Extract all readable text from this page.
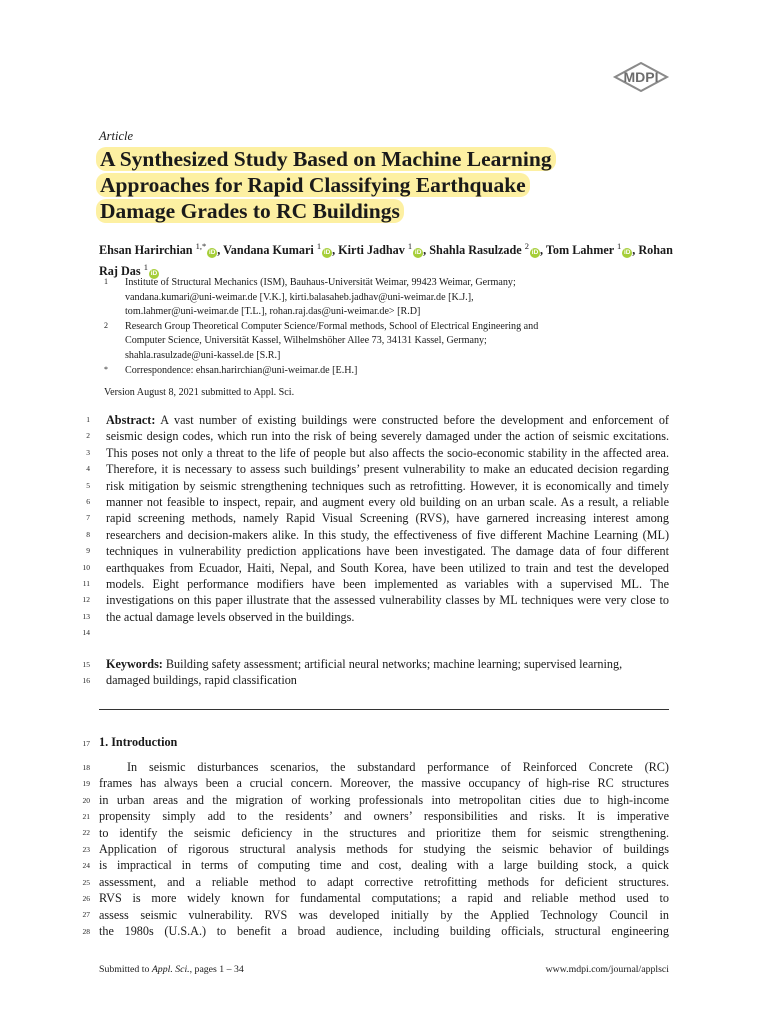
MDPI
Article
A Synthesized Study Based on Machine Learning
Approaches for Rapid Classifying Earthquake
Damage Grades to RC Buildings
Ehsan Harirchian $^{1,*}$iD , Vandana Kumari $^1$iD , Kirti Jadhav $^1$iD , Shahla Rasulzade $^2$iD , Tom Lahmer $^1$iD , Rohan Raj Das $^1$iD
1	Institute of Structural Mechanics (ISM), Bauhaus-Universität Weimar, 99423 Weimar, Germany;
vandana.kumari@uni-weimar.de [V.K.], kirti.balasaheb.jadhav@uni-weimar.de [K.J.],
tom.lahmer@uni-weimar.de [T.L.], rohan.raj.das@uni-weimar.de> [R.D]
2	Research Group Theoretical Computer Science/Formal methods, School of Electrical Engineering and
Computer Science, Universität Kassel, Wilhelmshöher Allee 73, 34131 Kassel, Germany;
shahla.rasulzade@uni-kassel.de [S.R.]
*	Correspondence: ehsan.harirchian@uni-weimar.de [E.H.]
Version August 8, 2021 submitted to Appl. Sci.
1
2
3
4
5
6
7
8
9
10
11
12
13
14
15
16
17
18
19
20
21
22
23
24
25
26
27
28
Abstract: A vast number of existing buildings were constructed before the development and enforcement of seismic design codes, which run into the risk of being severely damaged under the action of seismic excitations. This poses not only a threat to the life of people but also affects the socio-economic stability in the affected area. Therefore, it is necessary to assess such buildings’ present vulnerability to make an educated decision regarding risk mitigation by seismic strengthening techniques such as retrofitting. However, it is economically and timely manner not feasible to inspect, repair, and augment every old building on an urban scale. As a result, a reliable rapid screening methods, namely Rapid Visual Screening (RVS), have garnered increasing interest among researchers and decision-makers alike. In this study, the effectiveness of five different Machine Learning (ML) techniques in vulnerability prediction applications have been investigated. The damage data of four different earthquakes from Ecuador, Haiti, Nepal, and South Korea, have been utilized to train and test the developed models. Eight performance modifiers have been implemented as variables with a supervised ML. The investigations on this paper illustrate that the assessed vulnerability classes by ML techniques were very close to the actual damage levels observed in the buildings.
Keywords: Building safety assessment; artificial neural networks; machine learning; supervised learning, damaged buildings, rapid classification
1. Introduction
In seismic disturbances scenarios, the substandard performance of Reinforced Concrete (RC)
frames has always been a crucial concern. Moreover, the massive occupancy of high-rise RC structures
in urban areas and the migration of working professionals into metropolitan cities due to high-income
propensity simply add to the residents’ and owners’ responsibilities and risks. It is imperative
to identify the seismic deficiency in the structures and prioritize them for seismic strengthening.
Application of rigorous structural analysis methods for studying the seismic behavior of buildings
is impractical in terms of computing time and cost, dealing with a large building stock, a quick
assessment, and a reliable method to adapt corrective retrofitting methods for deficient structures.
RVS is more widely known for fundamental computations; a rapid and reliable method used to
assess seismic vulnerability. RVS was developed initially by the Applied Technology Council in
the 1980s (U.S.A.) to benefit a broad audience, including building officials, structural engineering
Submitted to Appl. Sci., pages 1 – 34	www.mdpi.com/journal/applsci
